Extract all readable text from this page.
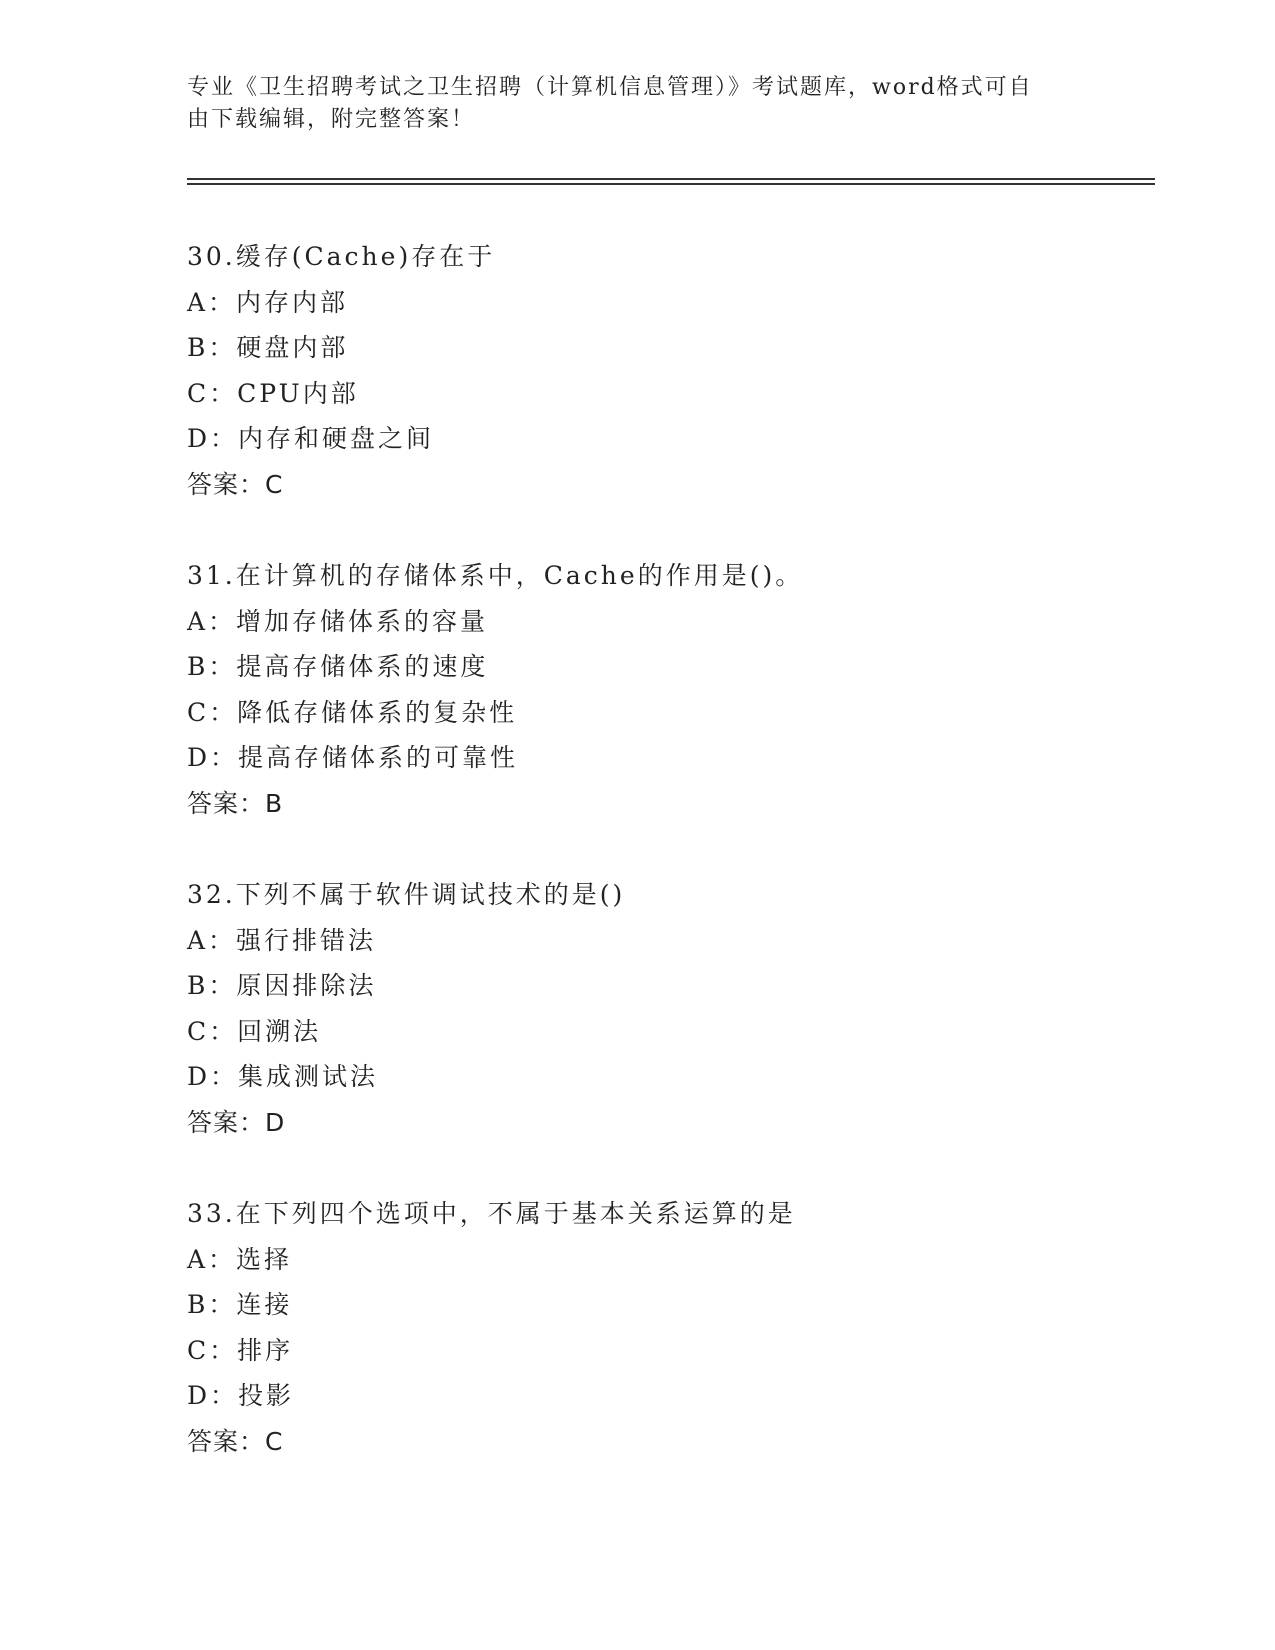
专业《卫生招聘考试之卫生招聘（计算机信息管理）》考试题库，word格式可自
由下载编辑，附完整答案！
30.缓存(Cache)存在于
A：内存内部
B：硬盘内部
C：CPU内部
D：内存和硬盘之间
答案：C
31.在计算机的存储体系中，Cache的作用是()。
A：增加存储体系的容量
B：提高存储体系的速度
C：降低存储体系的复杂性
D：提高存储体系的可靠性
答案：B
32.下列不属于软件调试技术的是()
A：强行排错法
B：原因排除法
C：回溯法
D：集成测试法
答案：D
33.在下列四个选项中，不属于基本关系运算的是
A：选择
B：连接
C：排序
D：投影
答案：C
